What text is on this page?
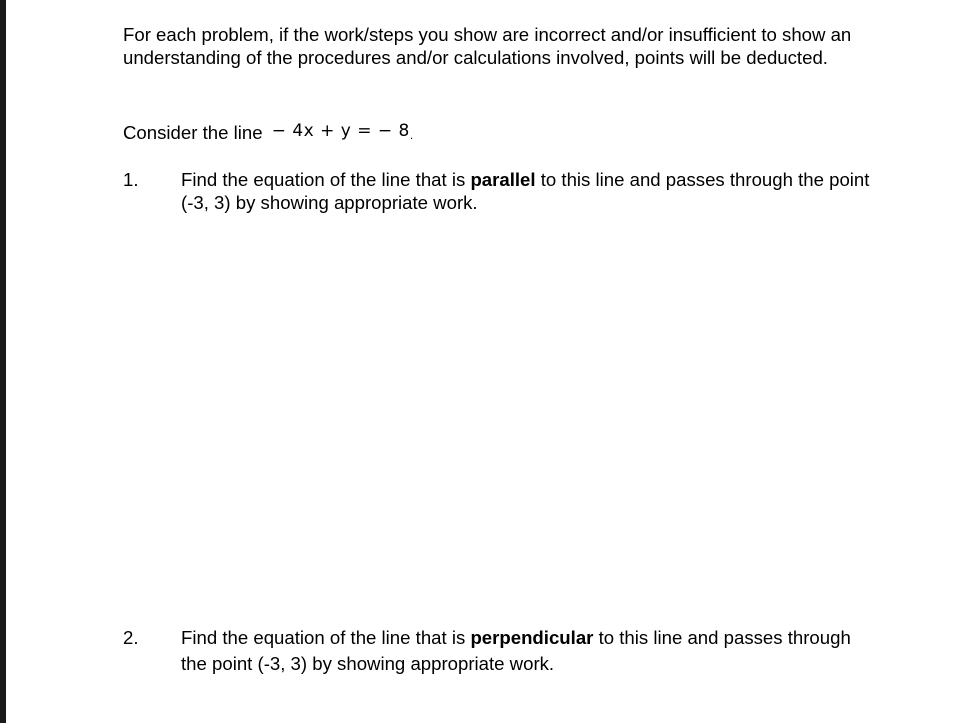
For each problem, if the work/steps you show are incorrect and/or insufficient to show an understanding of the procedures and/or calculations involved, points will be deducted.

Consider the line − 4x + y = − 8.
1. Find the equation of the line that is parallel to this line and passes through the point (-3, 3) by showing appropriate work.
2. Find the equation of the line that is perpendicular to this line and passes through the point (-3, 3) by showing appropriate work.
